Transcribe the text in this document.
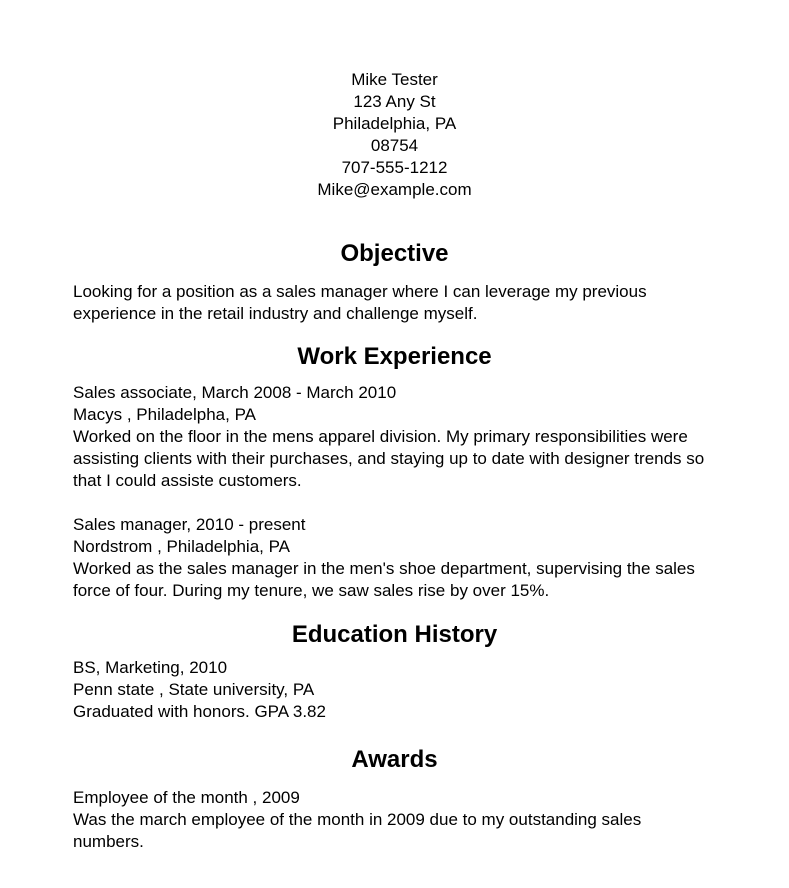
Mike Tester
123 Any St
Philadelphia, PA
08754
707-555-1212
Mike@example.com
Objective

Looking for a position as a sales manager where I can leverage my previous experience in the retail industry and challenge myself.

Work Experience
Sales associate, March 2008 - March 2010
Macys , Philadelpha, PA
Worked on the floor in the mens apparel division. My primary responsibilities were assisting clients with their purchases, and staying up to date with designer trends so that I could assiste customers.
Sales manager, 2010 - present
Nordstrom , Philadelphia, PA
Worked as the sales manager in the men's shoe department, supervising the sales force of four. During my tenure, we saw sales rise by over 15%.
Education History
BS, Marketing, 2010
Penn state , State university, PA
Graduated with honors. GPA 3.82
Awards
Employee of the month , 2009
Was the march employee of the month in 2009 due to my outstanding sales numbers.
